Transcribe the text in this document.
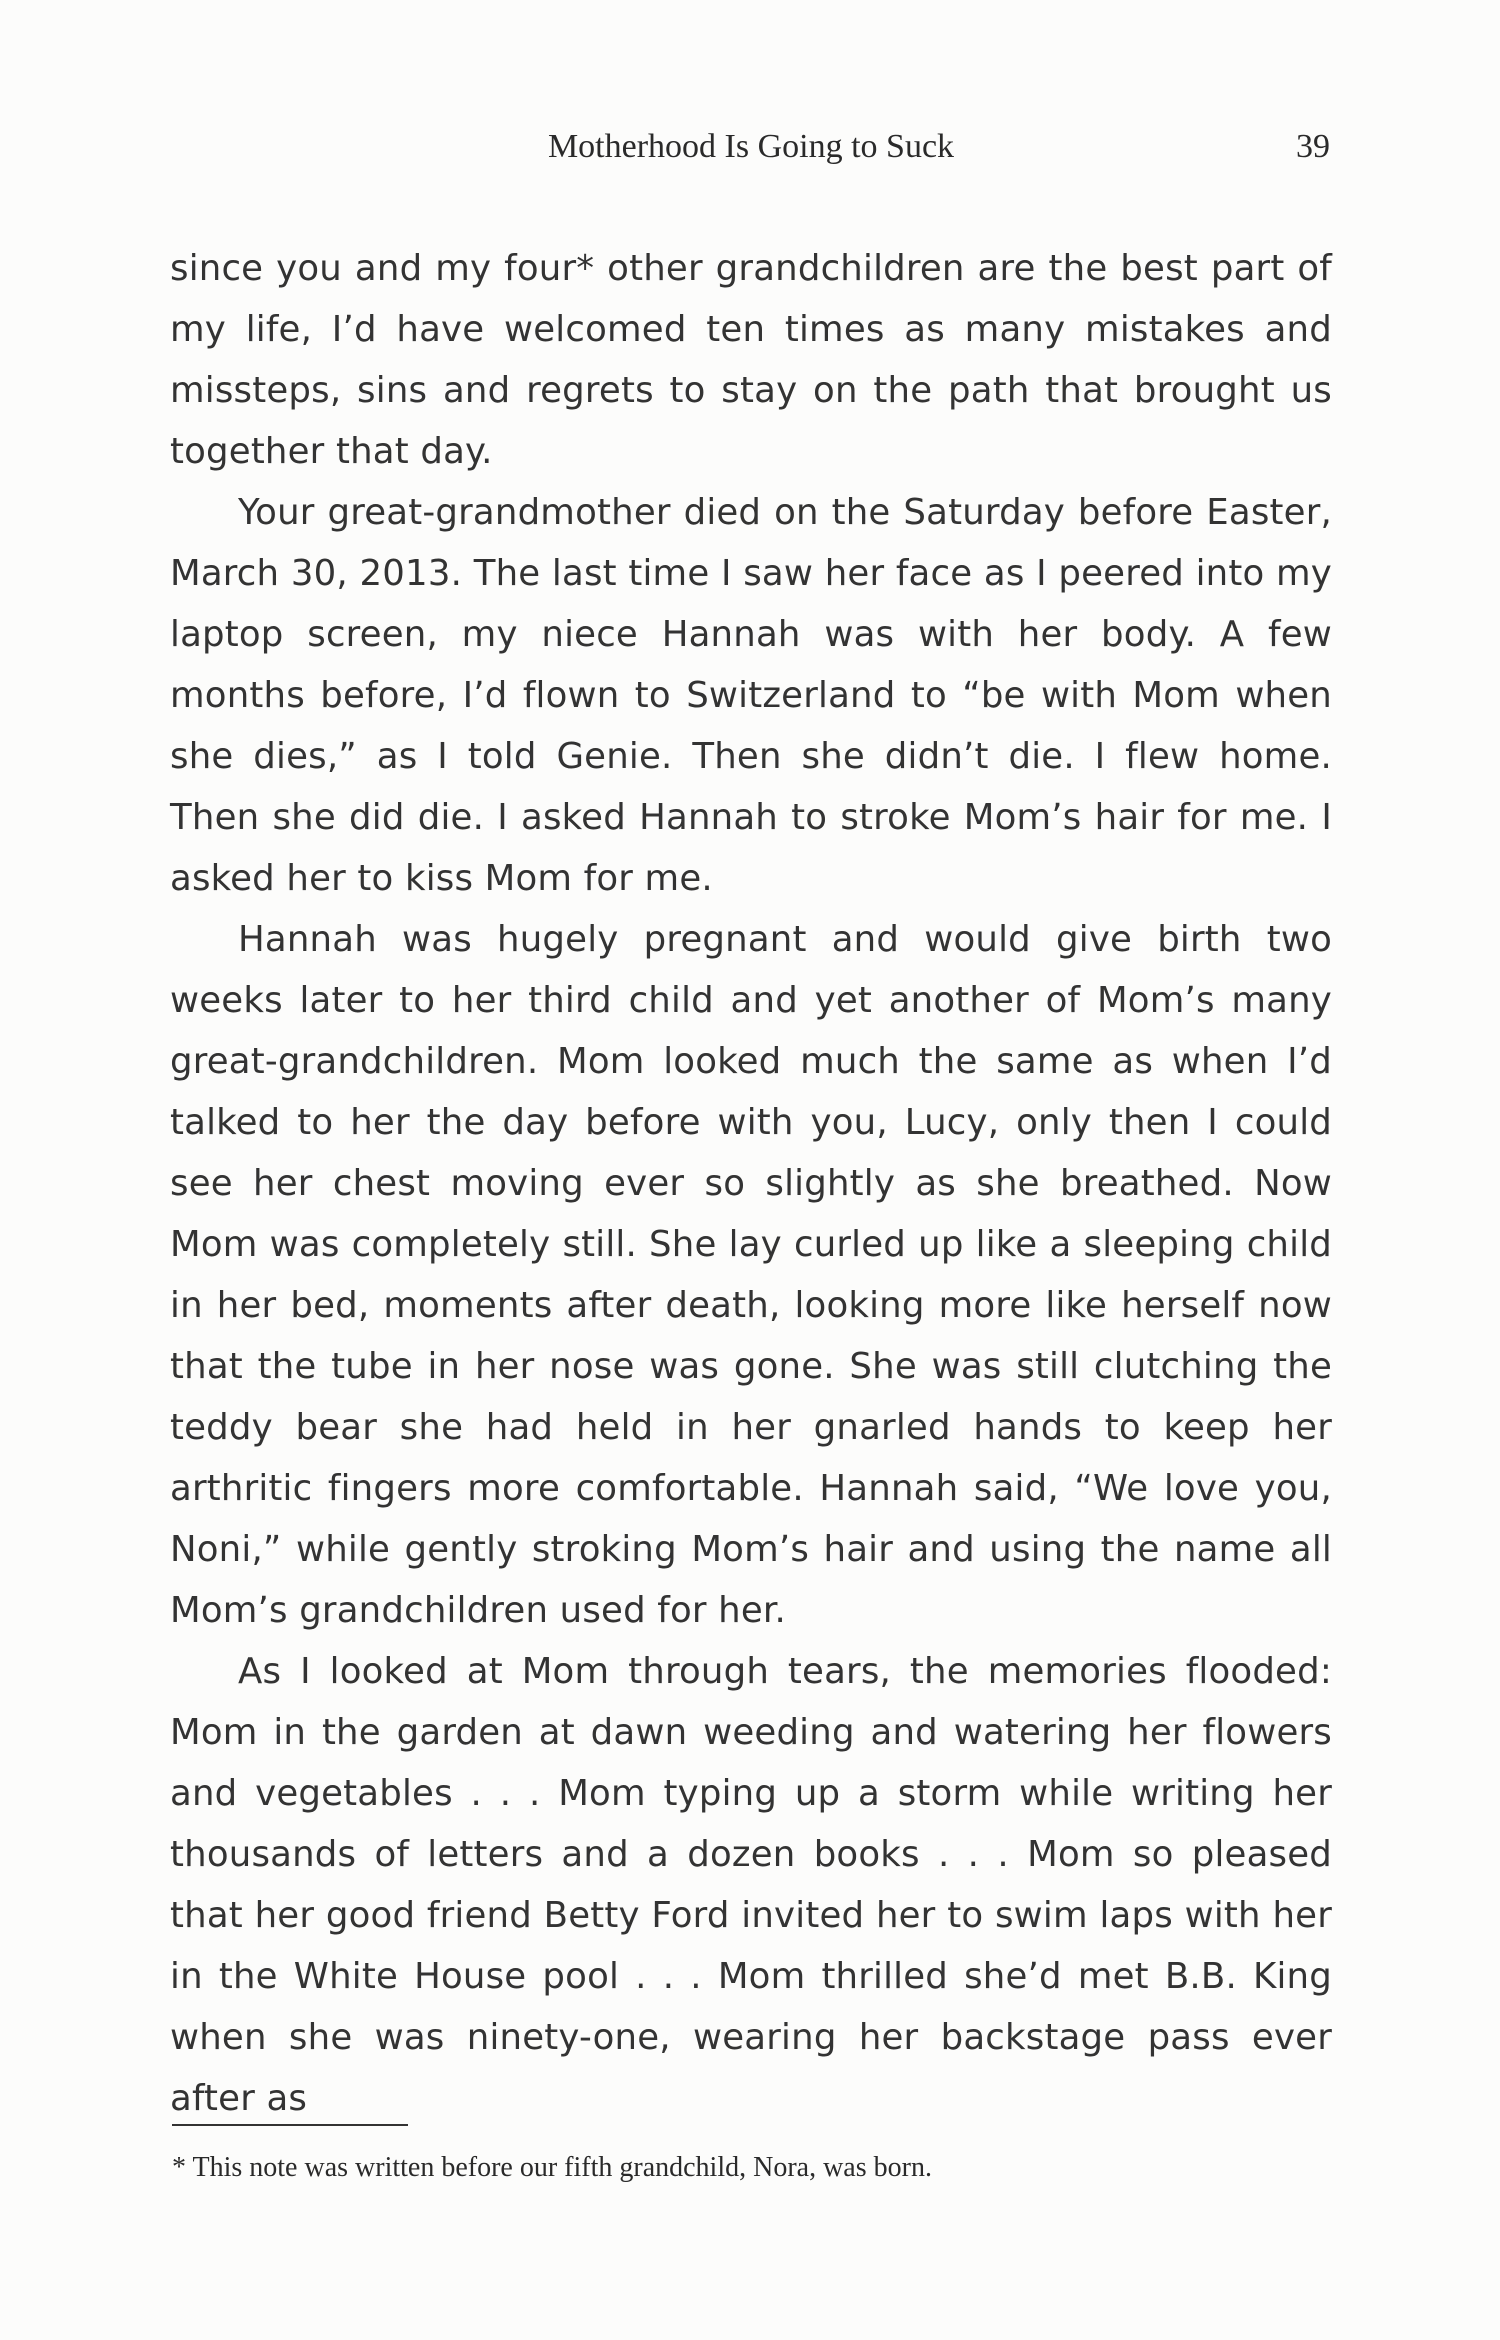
Motherhood Is Going to Suck	39

since you and my four* other grandchildren are the best part of my life, I’d have welcomed ten times as many mistakes and missteps, sins and regrets to stay on the path that brought us together that day.

Your great-grandmother died on the Saturday before Easter, March 30, 2013. The last time I saw her face as I peered into my laptop screen, my niece Hannah was with her body. A few months before, I’d flown to Switzerland to “be with Mom when she dies,” as I told Genie. Then she didn’t die. I flew home. Then she did die. I asked Hannah to stroke Mom’s hair for me. I asked her to kiss Mom for me.

Hannah was hugely pregnant and would give birth two weeks later to her third child and yet another of Mom’s many great-grandchildren. Mom looked much the same as when I’d talked to her the day before with you, Lucy, only then I could see her chest moving ever so slightly as she breathed. Now Mom was completely still. She lay curled up like a sleeping child in her bed, moments after death, looking more like herself now that the tube in her nose was gone. She was still clutching the teddy bear she had held in her gnarled hands to keep her arthritic fingers more comfortable. Hannah said, “We love you, Noni,” while gently stroking Mom’s hair and using the name all Mom’s grandchildren used for her.

As I looked at Mom through tears, the memories flooded: Mom in the garden at dawn weeding and watering her flowers and vegetables . . . Mom typing up a storm while writing her thousands of letters and a dozen books . . . Mom so pleased that her good friend Betty Ford invited her to swim laps with her in the White House pool . . . Mom thrilled she’d met B.B. King when she was ninety-one, wearing her backstage pass ever after as

* This note was written before our fifth grandchild, Nora, was born.
